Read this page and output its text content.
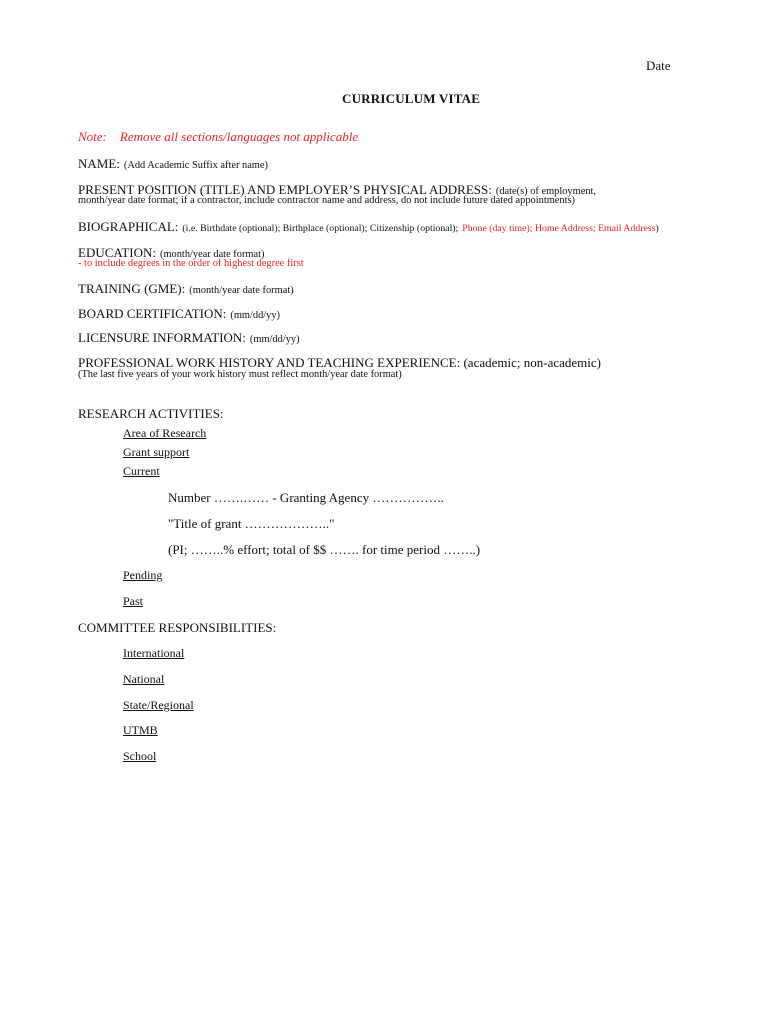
Date
CURRICULUM VITAE
Note: Remove all sections/languages not applicable
NAME: (Add Academic Suffix after name)
PRESENT POSITION (TITLE) AND EMPLOYER’S PHYSICAL ADDRESS: (date(s) of employment,
month/year date format; if a contractor, include contractor name and address, do not include future dated appointments)
BIOGRAPHICAL: (i.e. Birthdate (optional); Birthplace (optional); Citizenship (optional); Phone (day time); Home Address; Email Address)
EDUCATION: (month/year date format)
- to include degrees in the order of highest degree first
TRAINING (GME): (month/year date format)
BOARD CERTIFICATION: (mm/dd/yy)
LICENSURE INFORMATION: (mm/dd/yy)
PROFESSIONAL WORK HISTORY AND TEACHING EXPERIENCE: (academic; non-academic)
(The last five years of your work history must reflect month/year date format)
RESEARCH ACTIVITIES:
Area of Research
Grant support
Current
Number …….…… - Granting Agency ……………..
"Title of grant ……………….."
(PI; ……..% effort; total of $$ ……. for time period ……..)
Pending
Past
COMMITTEE RESPONSIBILITIES:
International
National
State/Regional
UTMB
School
